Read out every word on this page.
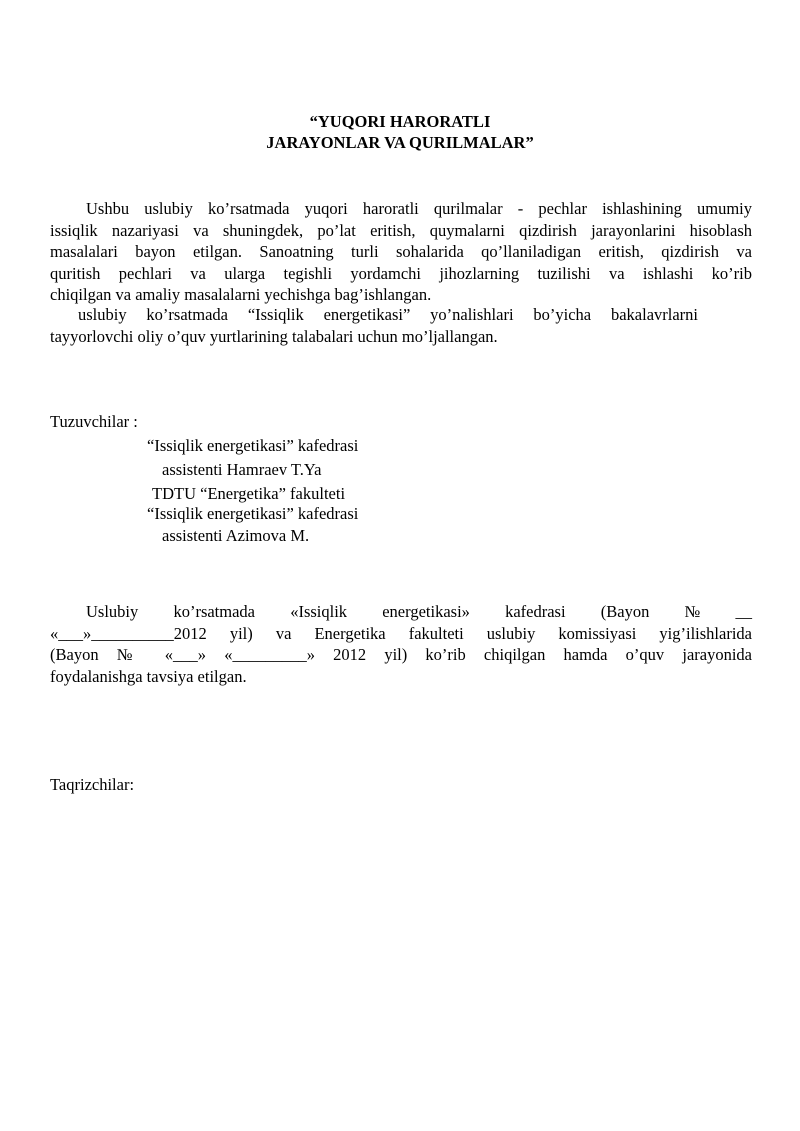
“YUQORI HARORATLI
JARAYONLAR VA QURILMALAR”
Ushbu uslubiy ko’rsatmada yuqori haroratli qurilmalar - pechlar ishlashining umumiy
issiqlik nazariyasi va shuningdek, po’lat eritish, quymalarni qizdirish jarayonlarini hisoblash
masalalari bayon etilgan. Sanoatning turli sohalarida qo’llaniladigan eritish, qizdirish va
quritish pechlari va ularga tegishli yordamchi jihozlarning tuzilishi va ishlashi ko’rib
chiqilgan va amaliy masalalarni yechishga bag’ishlangan.
uslubiy ko’rsatmada “Issiqlik energetikasi” yo’nalishlari bo’yicha bakalavrlarni
tayyorlovchi oliy o’quv yurtlarining talabalari uchun mo’ljallangan.
Tuzuvchilar :
“Issiqlik energetikasi” kafedrasi
assistenti Hamraev T.Ya
TDTU “Energetika” fakulteti
“Issiqlik energetikasi” kafedrasi
assistenti Azimova M.
Uslubiy ko’rsatmada «Issiqlik energetikasi» kafedrasi (Bayon № __
«___»__________2012 yil) va Energetika fakulteti uslubiy komissiyasi yig’ilishlarida
(Bayon № «___» «_________» 2012 yil) ko’rib chiqilgan hamda o’quv jarayonida
foydalanishga tavsiya etilgan.
Taqrizchilar:
